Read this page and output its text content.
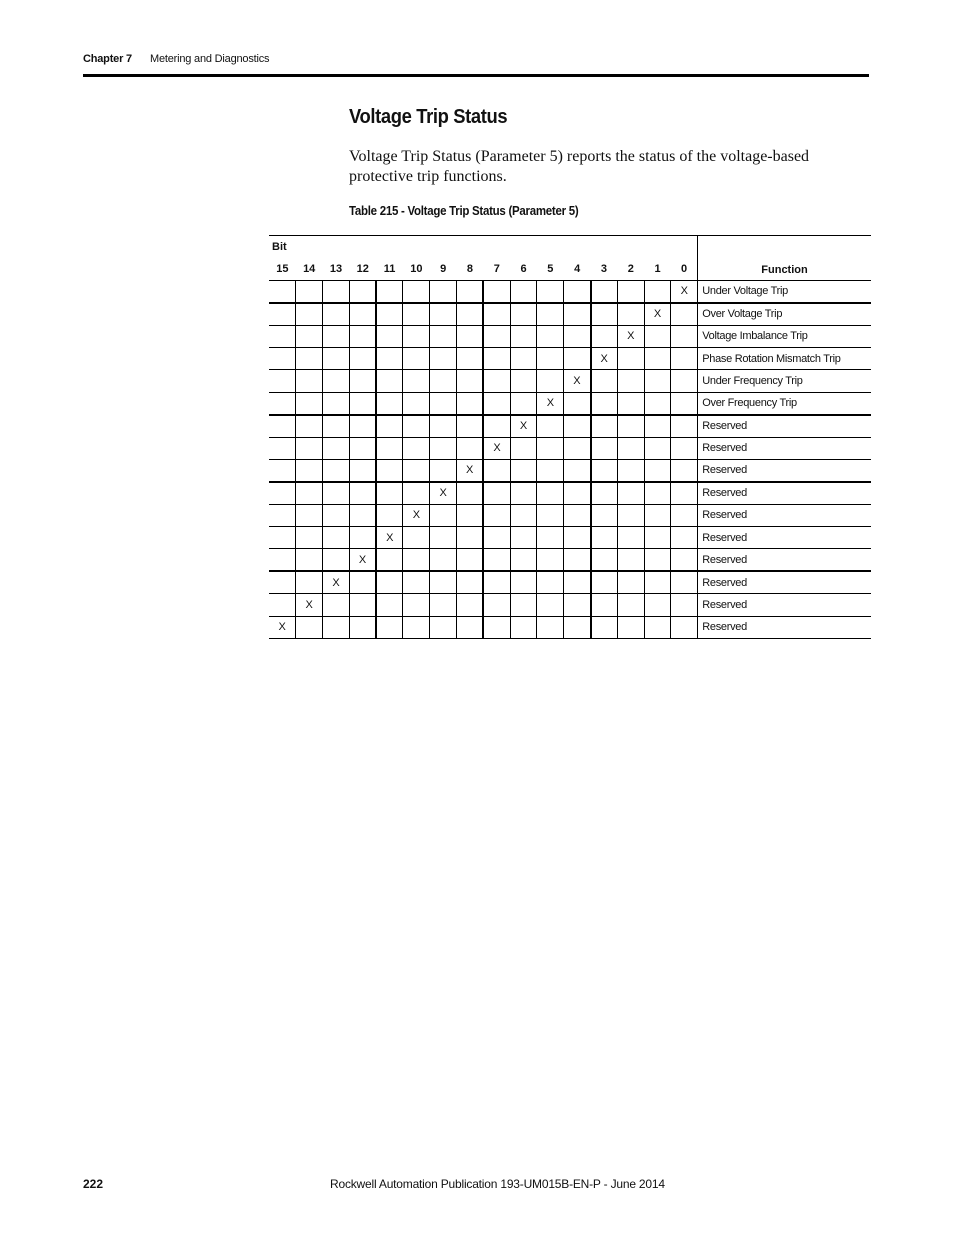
Chapter 7 Metering and Diagnostics
Voltage Trip Status

Voltage Trip Status (Parameter 5) reports the status of the voltage-based protective trip functions.

Table 215 - Voltage Trip Status (Parameter 5)
Bit																Function
15	14	13	12	11	10	9	8	7	6	5	4	3	2	1	0	
															X	Under Voltage Trip
														X		Over Voltage Trip
													X			Voltage Imbalance Trip
												X				Phase Rotation Mismatch Trip
											X					Under Frequency Trip
										X						Over Frequency Trip
									X							Reserved
								X								Reserved
							X									Reserved
						X										Reserved
					X											Reserved
				X												Reserved
			X													Reserved
		X														Reserved
	X															Reserved
X																Reserved
222	Rockwell Automation Publication 193-UM015B-EN-P - June 2014
